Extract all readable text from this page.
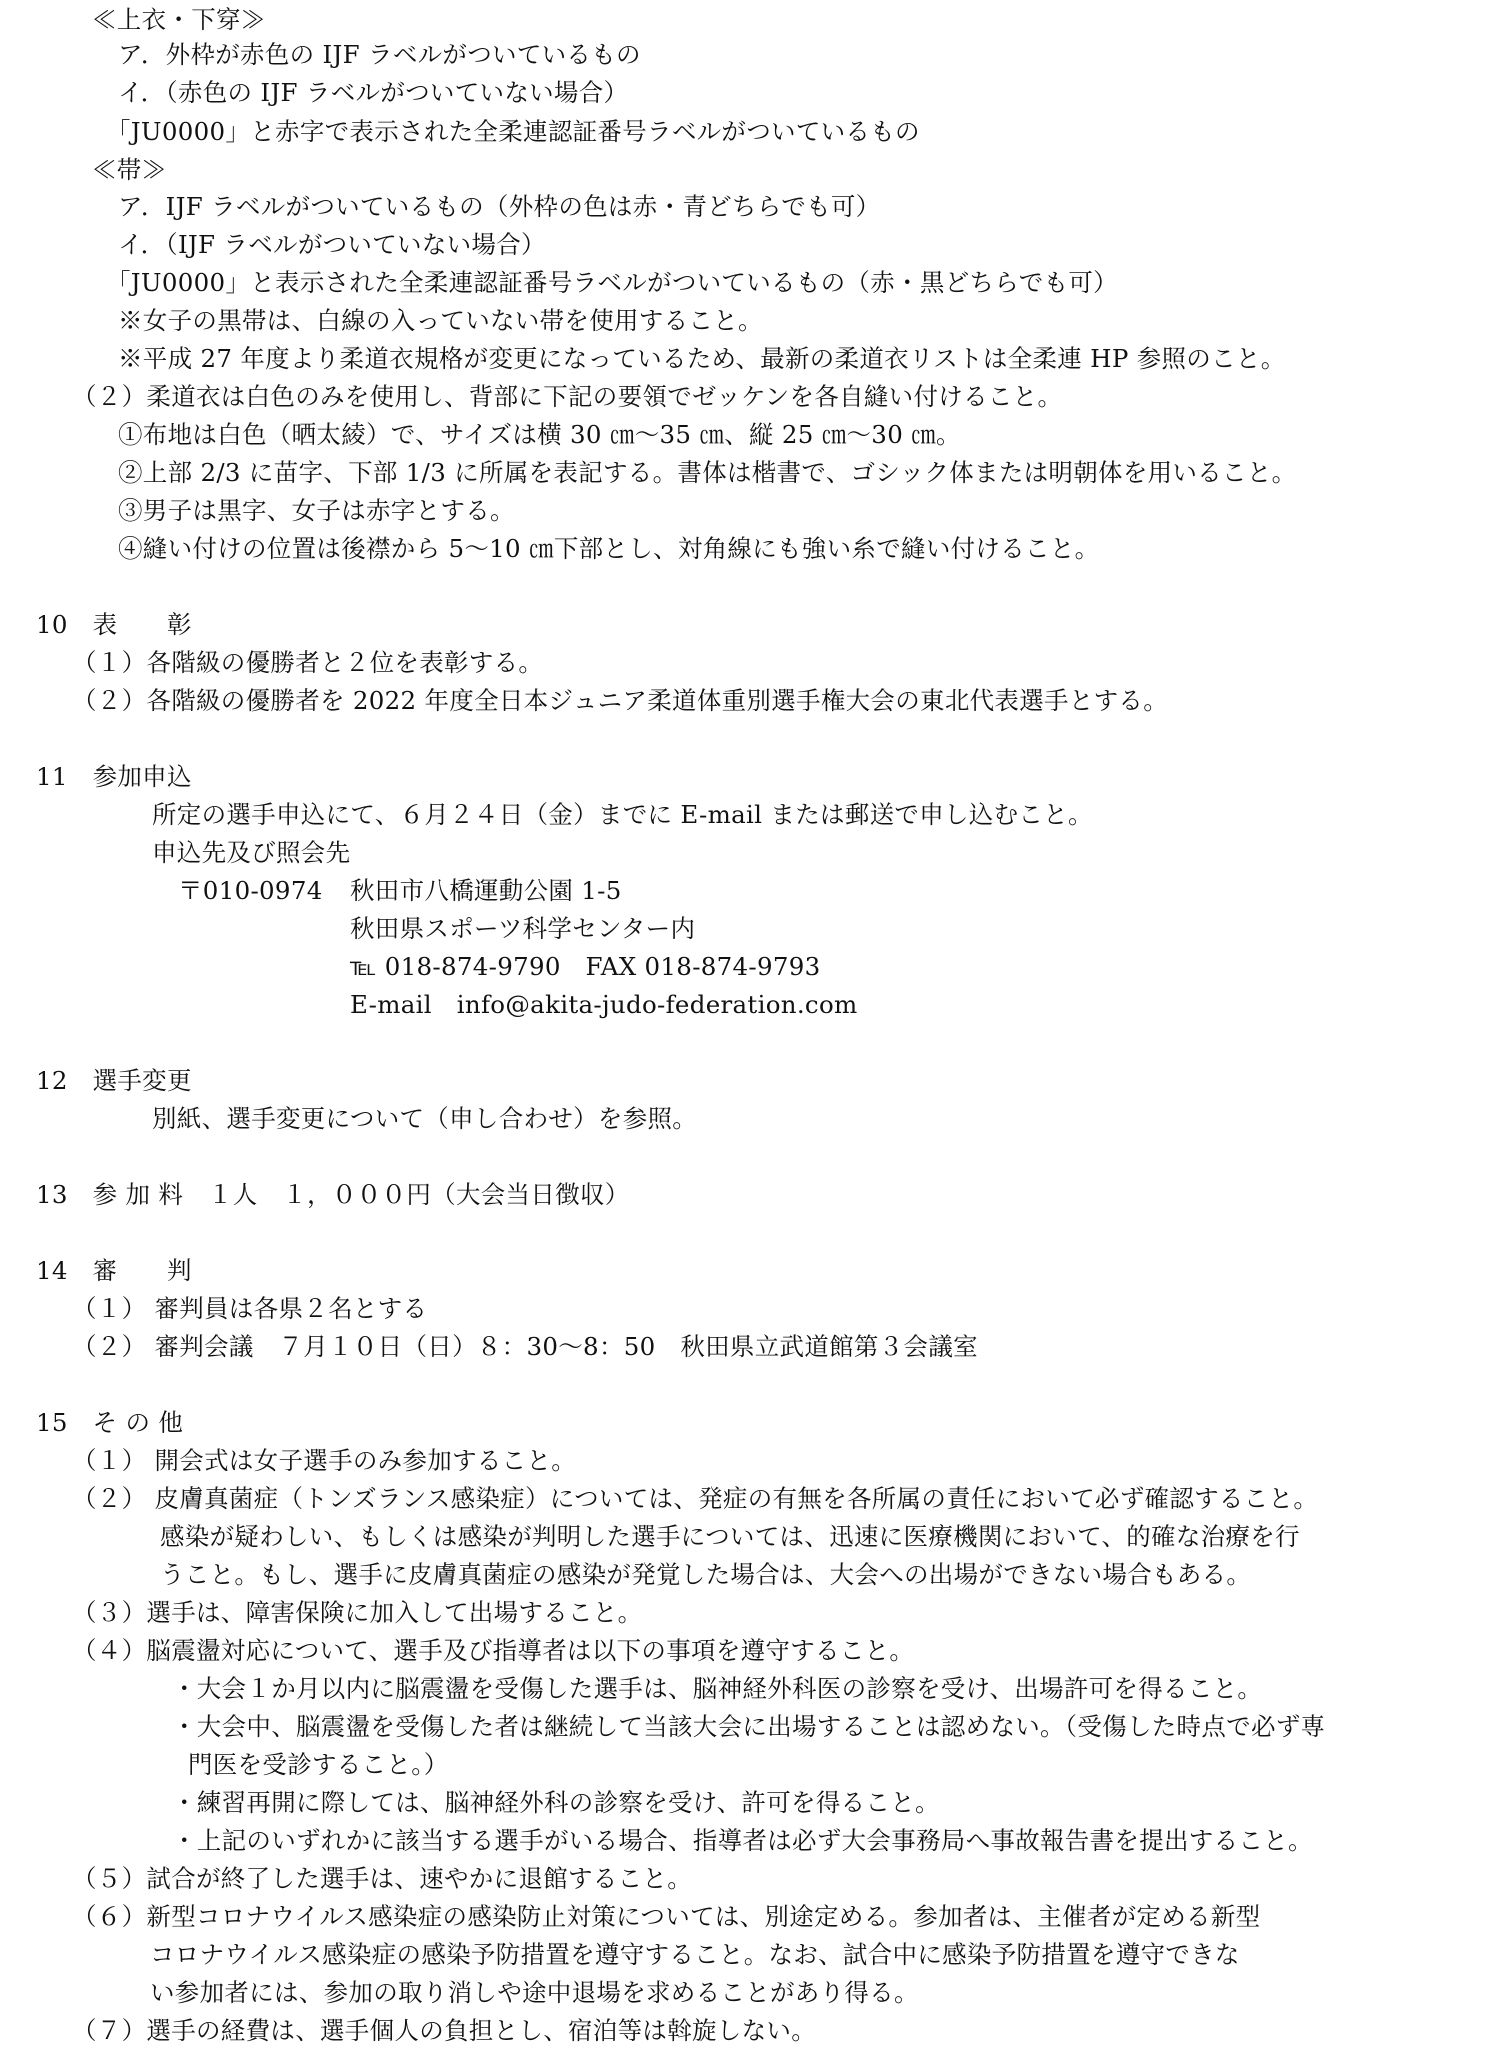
≪上衣・下穿≫
ア．外枠が赤色の IJF ラベルがついているもの
イ．（赤色の IJF ラベルがついていない場合）
「JU0000」と赤字で表示された全柔連認証番号ラベルがついているもの
≪帯≫
ア．IJF ラベルがついているもの（外枠の色は赤・青どちらでも可）
イ．（IJF ラベルがついていない場合）
「JU0000」と表示された全柔連認証番号ラベルがついているもの（赤・黒どちらでも可）
※女子の黒帯は、白線の入っていない帯を使用すること。
※平成 27 年度より柔道衣規格が変更になっているため、最新の柔道衣リストは全柔連 HP 参照のこと。
（２）柔道衣は白色のみを使用し、背部に下記の要領でゼッケンを各自縫い付けること。
①布地は白色（晒太綾）で、サイズは横 30 ㎝～35 ㎝、縦 25 ㎝～30 ㎝。
②上部 2/3 に苗字、下部 1/3 に所属を表記する。書体は楷書で、ゴシック体または明朝体を用いること。
③男子は黒字、女子は赤字とする。
④縫い付けの位置は後襟から 5～10 ㎝下部とし、対角線にも強い糸で縫い付けること。
10　表　　彰
（１）各階級の優勝者と２位を表彰する。
（２）各階級の優勝者を 2022 年度全日本ジュニア柔道体重別選手権大会の東北代表選手とする。
11　参加申込
所定の選手申込にて、６月２４日（金）までに E-mail または郵送で申し込むこと。
申込先及び照会先
〒010-0974 秋田市八橋運動公園 1-5
秋田県スポーツ科学センター内
℡ 018-874-9790　FAX 018-874-9793
E-mail　info@akita-judo-federation.com
12　選手変更
別紙、選手変更について（申し合わせ）を参照。
13　参 加 料　１人　１，０００円（大会当日徴収）
14　審　　判
（１） 審判員は各県２名とする
（２） 審判会議　７月１０日（日）８：30～8：50　秋田県立武道館第３会議室
15　そ の 他
（１） 開会式は女子選手のみ参加すること。
（２） 皮膚真菌症（トンズランス感染症）については、発症の有無を各所属の責任において必ず確認すること。
感染が疑わしい、もしくは感染が判明した選手については、迅速に医療機関において、的確な治療を行
うこと。もし、選手に皮膚真菌症の感染が発覚した場合は、大会への出場ができない場合もある。
（３）選手は、障害保険に加入して出場すること。
（４）脳震盪対応について、選手及び指導者は以下の事項を遵守すること。
・大会１か月以内に脳震盪を受傷した選手は、脳神経外科医の診察を受け、出場許可を得ること。
・大会中、脳震盪を受傷した者は継続して当該大会に出場することは認めない。（受傷した時点で必ず専
門医を受診すること。）
・練習再開に際しては、脳神経外科の診察を受け、許可を得ること。
・上記のいずれかに該当する選手がいる場合、指導者は必ず大会事務局へ事故報告書を提出すること。
（５）試合が終了した選手は、速やかに退館すること。
（６）新型コロナウイルス感染症の感染防止対策については、別途定める。参加者は、主催者が定める新型
コロナウイルス感染症の感染予防措置を遵守すること。なお、試合中に感染予防措置を遵守できな
い参加者には、参加の取り消しや途中退場を求めることがあり得る。
（７）選手の経費は、選手個人の負担とし、宿泊等は斡旋しない。
